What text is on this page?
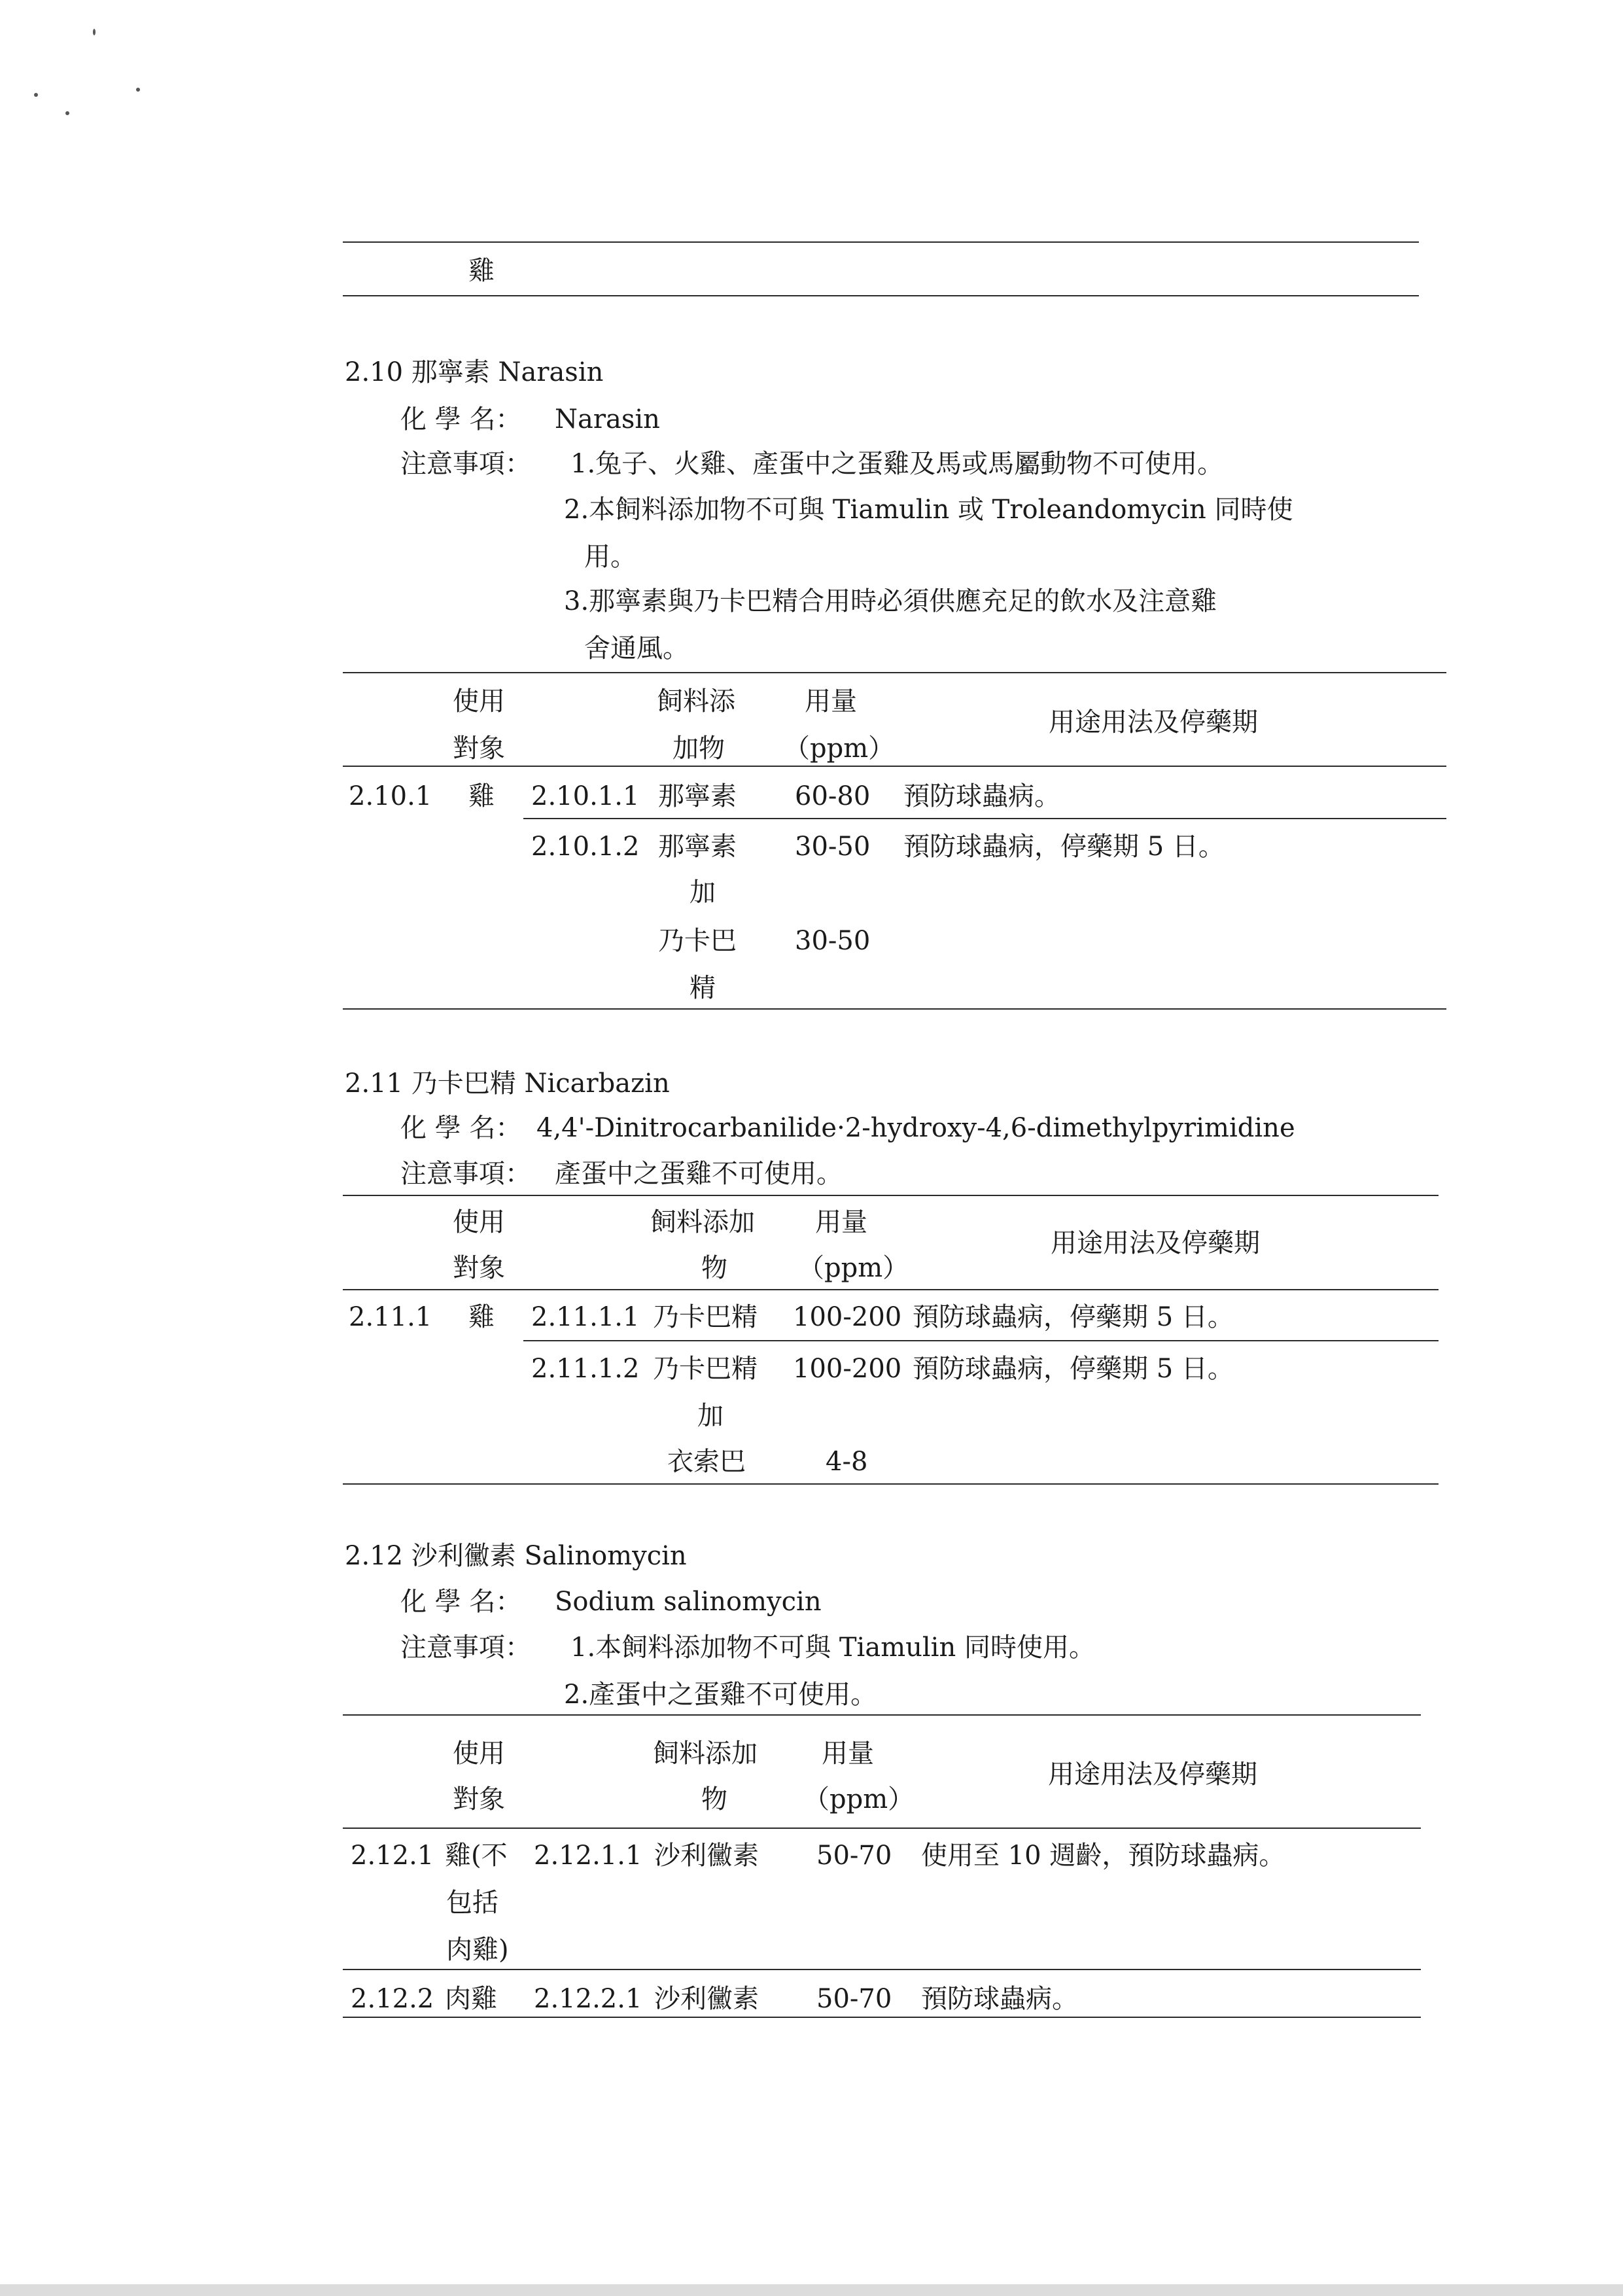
雞
2.10 那寧素 Narasin
化 學 名： Narasin
注意事項： 1.兔子、火雞、產蛋中之蛋雞及馬或馬屬動物不可使用。
2.本飼料添加物不可與 Tiamulin 或 Troleandomycin 同時使
用。
3.那寧素與乃卡巴精合用時必須供應充足的飲水及注意雞
舍通風。
使用
對象
飼料添
加物
用量
（ppm）
用途用法及停藥期
2.10.1 雞 2.10.1.1 那寧素 60-80 預防球蟲病。
2.10.1.2 那寧素
加
乃卡巴
精
30-50
30-50
預防球蟲病，停藥期 5 日。
2.11 乃卡巴精 Nicarbazin
化 學 名： 4,4'-Dinitrocarbanilide·2-hydroxy-4,6-dimethylpyrimidine
注意事項： 產蛋中之蛋雞不可使用。
使用
對象
飼料添加
物
用量
（ppm）
用途用法及停藥期
2.11.1 雞 2.11.1.1 乃卡巴精 100-200 預防球蟲病，停藥期 5 日。
2.11.1.2 乃卡巴精
加
衣索巴
100-200
4-8
預防球蟲病，停藥期 5 日。
2.12 沙利黴素 Salinomycin
化 學 名： Sodium salinomycin
注意事項： 1.本飼料添加物不可與 Tiamulin 同時使用。
2.產蛋中之蛋雞不可使用。
使用
對象
飼料添加
物
用量
（ppm）
用途用法及停藥期
2.12.1 雞(不
包括
肉雞)
2.12.1.1 沙利黴素 50-70 使用至 10 週齡，預防球蟲病。
2.12.2 肉雞 2.12.2.1 沙利黴素 50-70 預防球蟲病。
